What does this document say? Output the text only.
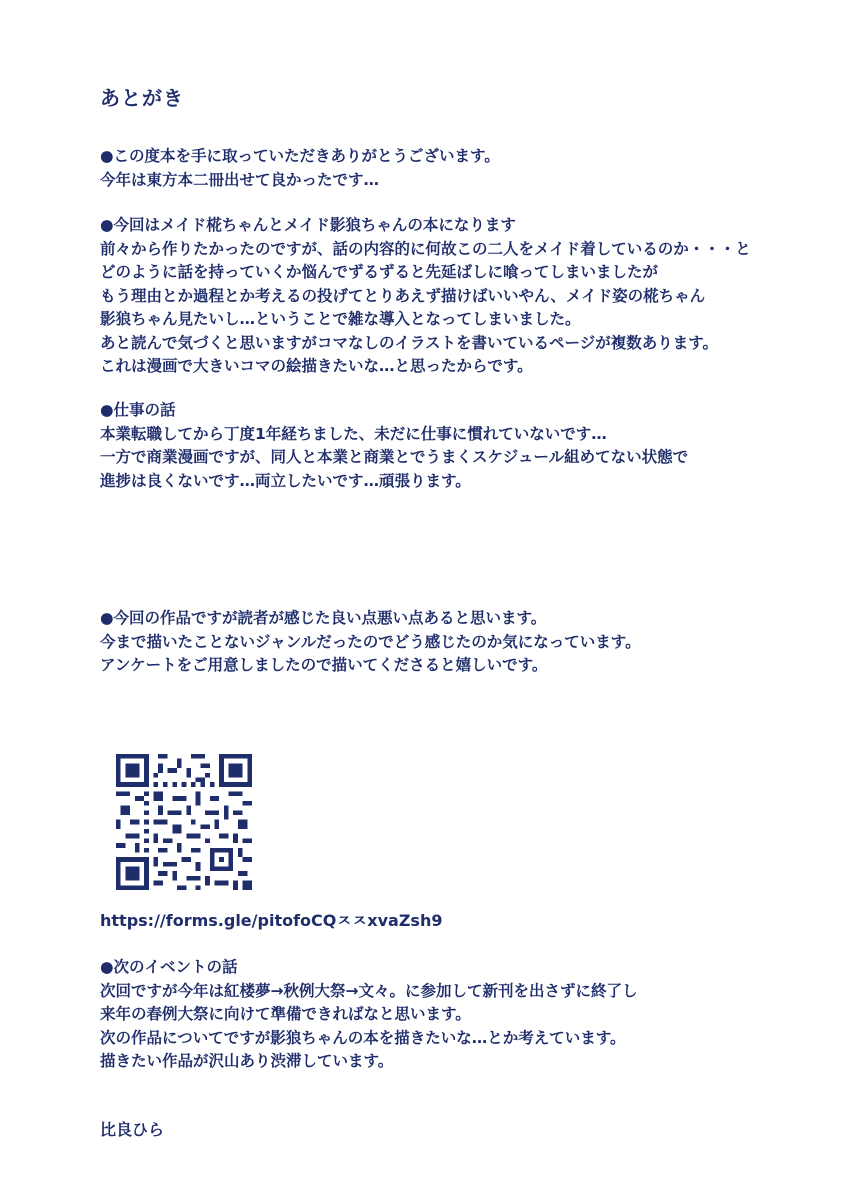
あとがき
●この度本を手に取っていただきありがとうございます。
今年は東方本二冊出せて良かったです…
●今回はメイド椛ちゃんとメイド影狼ちゃんの本になります
前々から作りたかったのですが、話の内容的に何故この二人をメイド着しているのか・・・と
どのように話を持っていくか悩んでずるずると先延ばしに喰ってしまいましたが
もう理由とか過程とか考えるの投げてとりあえず描けばいいやん、メイド姿の椛ちゃん
影狼ちゃん見たいし…ということで雑な導入となってしまいました。
あと読んで気づくと思いますがコマなしのイラストを書いているページが複数あります。
これは漫画で大きいコマの絵描きたいな…と思ったからです。
●仕事の話
本業転職してから丁度1年経ちました、未だに仕事に慣れていないです…
一方で商業漫画ですが、同人と本業と商業とでうまくスケジュール組めてない状態で
進捗は良くないです…両立したいです…頑張ります。
●今回の作品ですが読者が感じた良い点悪い点あると思います。
今まで描いたことないジャンルだったのでどう感じたのか気になっています。
アンケートをご用意しましたので描いてくださると嬉しいです。
https://forms.gle/pitofoCQㅈㅈxvaZsh9
●次のイベントの話
次回ですが今年は紅楼夢→秋例大祭→文々。に参加して新刊を出さずに終了し
来年の春例大祭に向けて準備できればなと思います。
次の作品についてですが影狼ちゃんの本を描きたいな…とか考えています。
描きたい作品が沢山あり渋滞しています。
比良ひら
